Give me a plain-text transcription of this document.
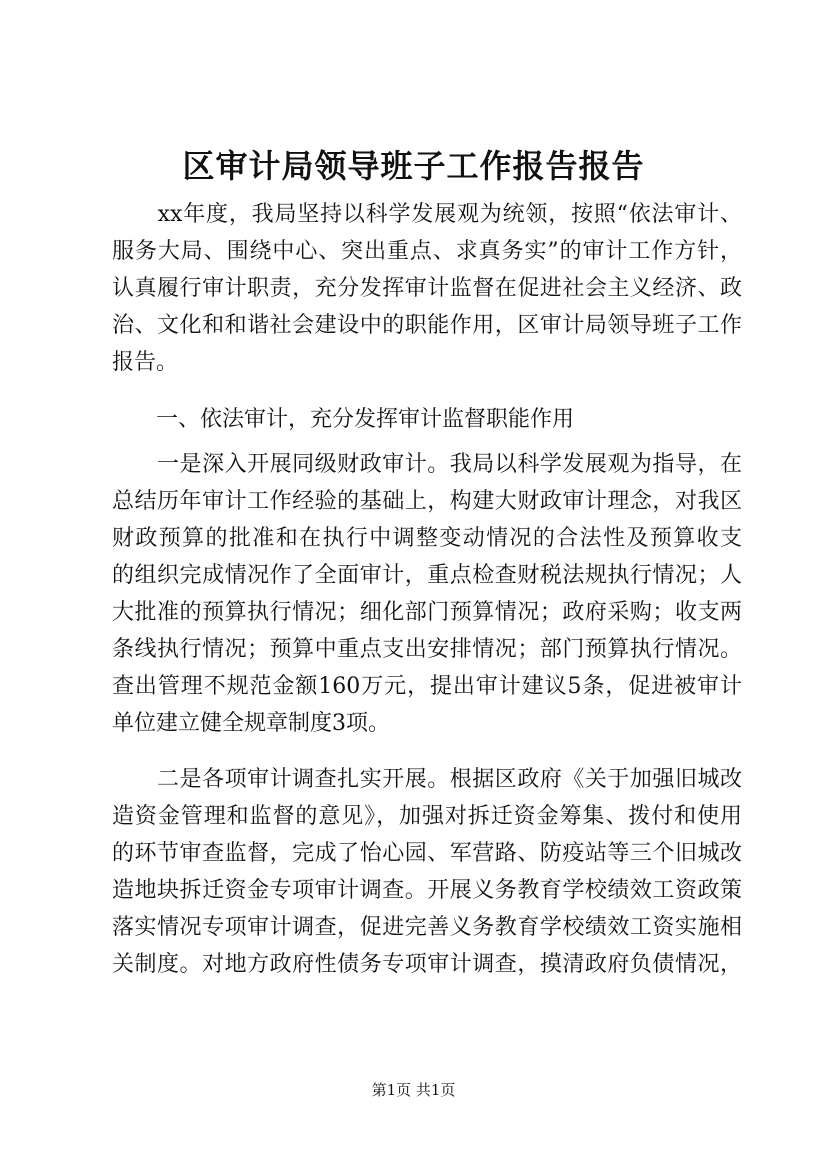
区审计局领导班子工作报告报告
　　xx年度，我局坚持以科学发展观为统领，按照“依法审计、
服务大局、围绕中心、突出重点、求真务实”的审计工作方针，
认真履行审计职责，充分发挥审计监督在促进社会主义经济、政
治、文化和和谐社会建设中的职能作用，区审计局领导班子工作
报告。
　　一、依法审计，充分发挥审计监督职能作用
　　一是深入开展同级财政审计。我局以科学发展观为指导，在
总结历年审计工作经验的基础上，构建大财政审计理念，对我区
财政预算的批准和在执行中调整变动情况的合法性及预算收支
的组织完成情况作了全面审计，重点检查财税法规执行情况；人
大批准的预算执行情况；细化部门预算情况；政府采购；收支两
条线执行情况；预算中重点支出安排情况；部门预算执行情况。
查出管理不规范金额160万元，提出审计建议5条，促进被审计
单位建立健全规章制度3项。
　　二是各项审计调查扎实开展。根据区政府《关于加强旧城改
造资金管理和监督的意见》，加强对拆迁资金筹集、拨付和使用
的环节审查监督，完成了怡心园、军营路、防疫站等三个旧城改
造地块拆迁资金专项审计调查。开展义务教育学校绩效工资政策
落实情况专项审计调查，促进完善义务教育学校绩效工资实施相
关制度。对地方政府性债务专项审计调查，摸清政府负债情况，
第1页 共1页
